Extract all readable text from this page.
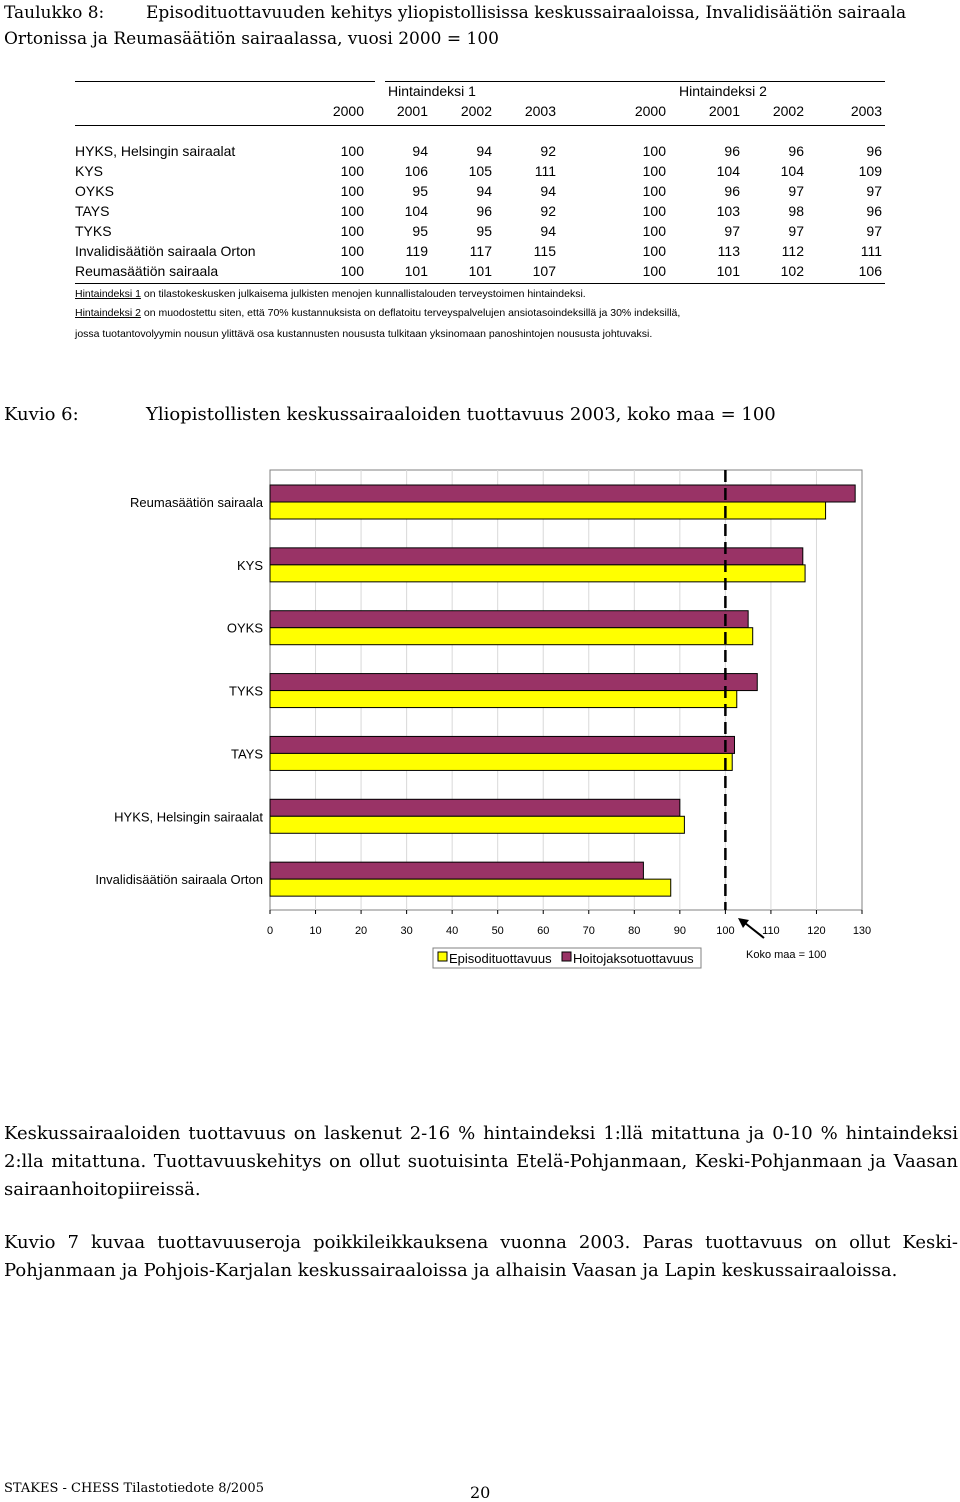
Taulukko 8: Episodituottavuuden kehitys yliopistollisissa keskussairaaloissa, Invalidisäätiön sairaala
Ortonissa ja Reumasäätiön sairaalassa, vuosi 2000 = 100
Hintaindeksi 1	Hintaindeksi 2
2000	2001	2002	2003	2000	2001	2002	2003
HYKS, Helsingin sairaalat	100	94	94	92	100	96	96	96
KYS	100	106	105	111	100	104	104	109
OYKS	100	95	94	94	100	96	97	97
TAYS	100	104	96	92	100	103	98	96
TYKS	100	95	95	94	100	97	97	97
Invalidisäätiön sairaala Orton	100	119	117	115	100	113	112	111
Reumasäätiön sairaala	100	101	101	107	100	101	102	106
Kuvio 6:	Yliopistollisten keskussairaaloiden tuottavuus 2003, koko maa = 100
0	10	20	30	40	50	60	70	80	90	100	110	120 130
Reumasäätiön sairaala
KYS
OYKS
TYKS
TAYS
HYKS, Helsingin sairaalat
Invalidisäätiön sairaala Orton
Koko maa = 100
Episodituottavuus Hoitojaksotuottavuus
Keskussairaaloiden tuottavuus on laskenut 2-16 % hintaindeksi 1:llä mitattuna ja 0-10 % hintaindeksi 2:lla mitattuna. Tuottavuuskehitys on ollut suotuisinta Etelä-Pohjanmaan, Keski-Pohjanmaan ja Vaasan sairaanhoitopiireissä.
Kuvio 7 kuvaa tuottavuuseroja poikkileikkauksena vuonna 2003. Paras tuottavuus on ollut Keski-Pohjanmaan ja Pohjois-Karjalan keskussairaaloissa ja alhaisin Vaasan ja Lapin keskussairaaloissa.
STAKES - CHESS Tilastotiedote 8/2005	20
Hintaindeksi 1 on tilastokeskusken julkaisema julkisten menojen kunnallistalouden terveystoimen hintaindeksi.
Hintaindeksi 2 on muodostettu siten, että 70% kustannuksista on deflatoitu terveyspalvelujen ansiotasoindeksillä ja 30% indeksillä,
jossa tuotantovolyymin nousun ylittävä osa kustannusten noususta tulkitaan yksinomaan panoshintojen noususta johtuvaksi.
